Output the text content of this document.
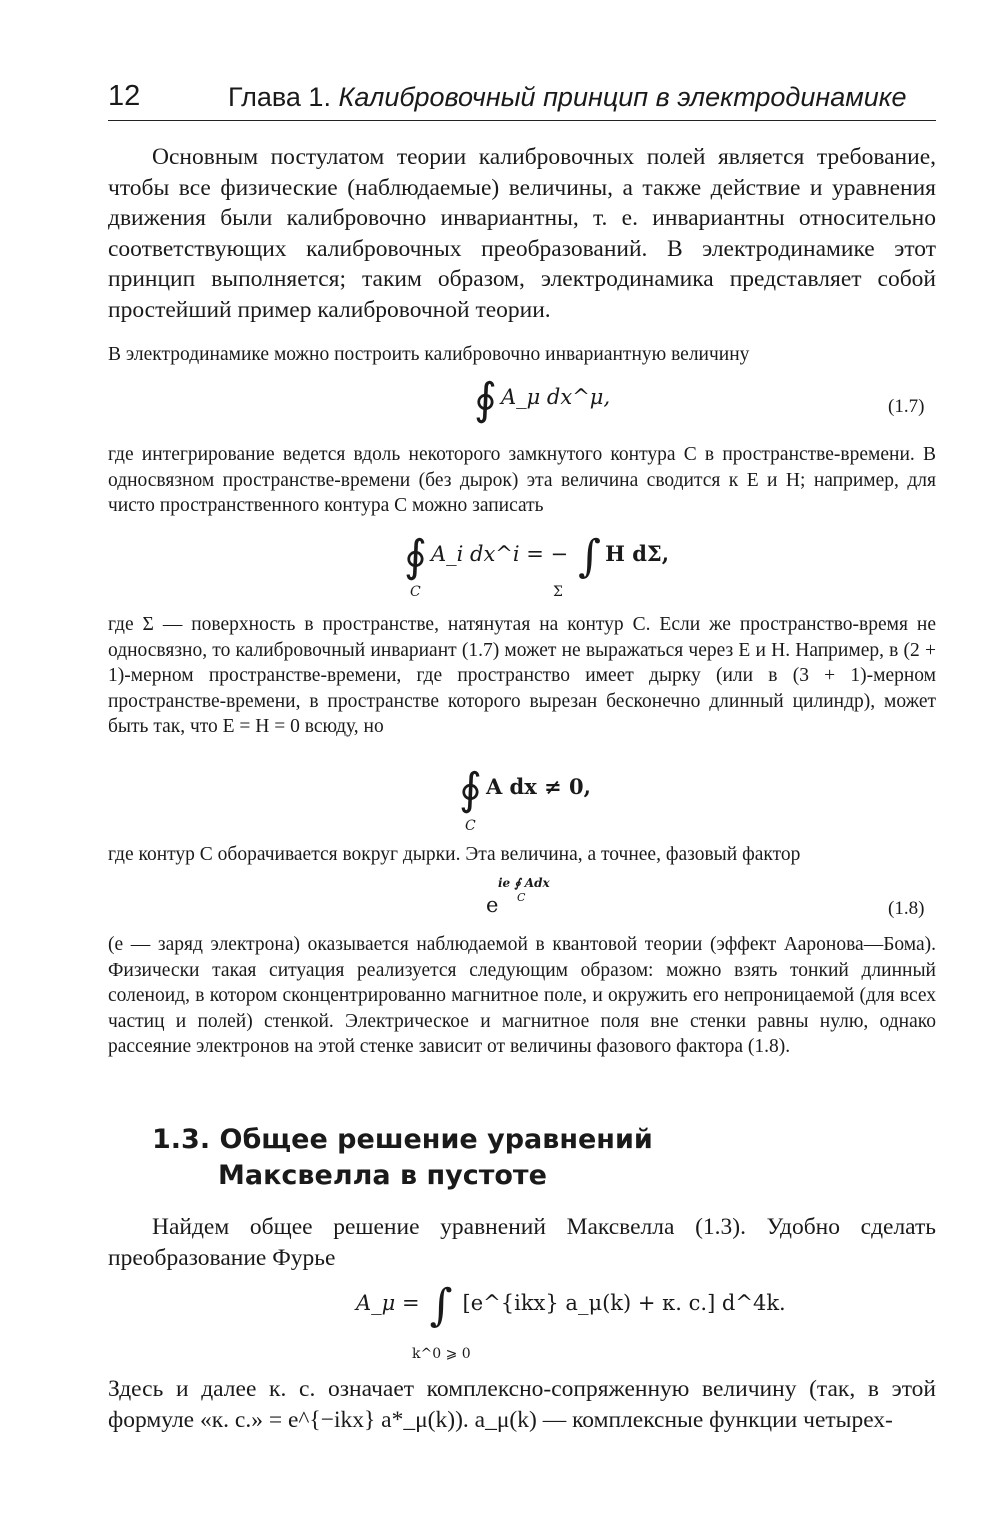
12	Глава 1. Калибровочный принцип в электродинамике
Основным постулатом теории калибровочных полей является требование, чтобы все физические (наблюдаемые) величины, а также действие и уравнения движения были калибровочно инвариантны, т. е. инвариантны относительно соответствующих калибровочных преобразований. В электродинамике этот принцип выполняется; таким образом, электродинамика представляет собой простейший пример калибровочной теории.
В электродинамике можно построить калибровочно инвариантную величину
∮ A_μ dx^μ,	(1.7)
где интегрирование ведется вдоль некоторого замкнутого контура C в пространстве-времени. В односвязном пространстве-времени (без дырок) эта величина сводится к E и H; например, для чисто пространственного контура C можно записать
∮ A_i dx^i = − ∫ H dΣ,
C	Σ
где Σ — поверхность в пространстве, натянутая на контур C. Если же пространство-время не односвязно, то калибровочный инвариант (1.7) может не выражаться через E и H. Например, в (2 + 1)-мерном пространстве-времени, где пространство имеет дырку (или в (3 + 1)-мерном пространстве-времени, в пространстве которого вырезан бесконечно длинный цилиндр), может быть так, что E = H = 0 всюду, но
∮ A dx ≠ 0,
C
где контур C оборачивается вокруг дырки. Эта величина, а точнее, фазовый фактор
ie ∮ Adx
C
e	(1.8)
(e — заряд электрона) оказывается наблюдаемой в квантовой теории (эффект Ааронова—Бома). Физически такая ситуация реализуется следующим образом: можно взять тонкий длинный соленоид, в котором сконцентрированно магнитное поле, и окружить его непроницаемой (для всех частиц и полей) стенкой. Электрическое и магнитное поля вне стенки равны нулю, однако рассеяние электронов на этой стенке зависит от величины фазового фактора (1.8).
1.3. Общее решение уравнений
Максвелла в пустоте
Найдем общее решение уравнений Максвелла (1.3). Удобно сделать преобразование Фурье
A_μ = ∫ [e^{ikx} a_μ(k) + к. с.] d^4k.
k^0 ⩾ 0
Здесь и далее к. с. означает комплексно-сопряженную величину (так, в этой формуле «к. с.» = e^{−ikx} a*_μ(k)). a_μ(k) — комплексные функции четырех-
